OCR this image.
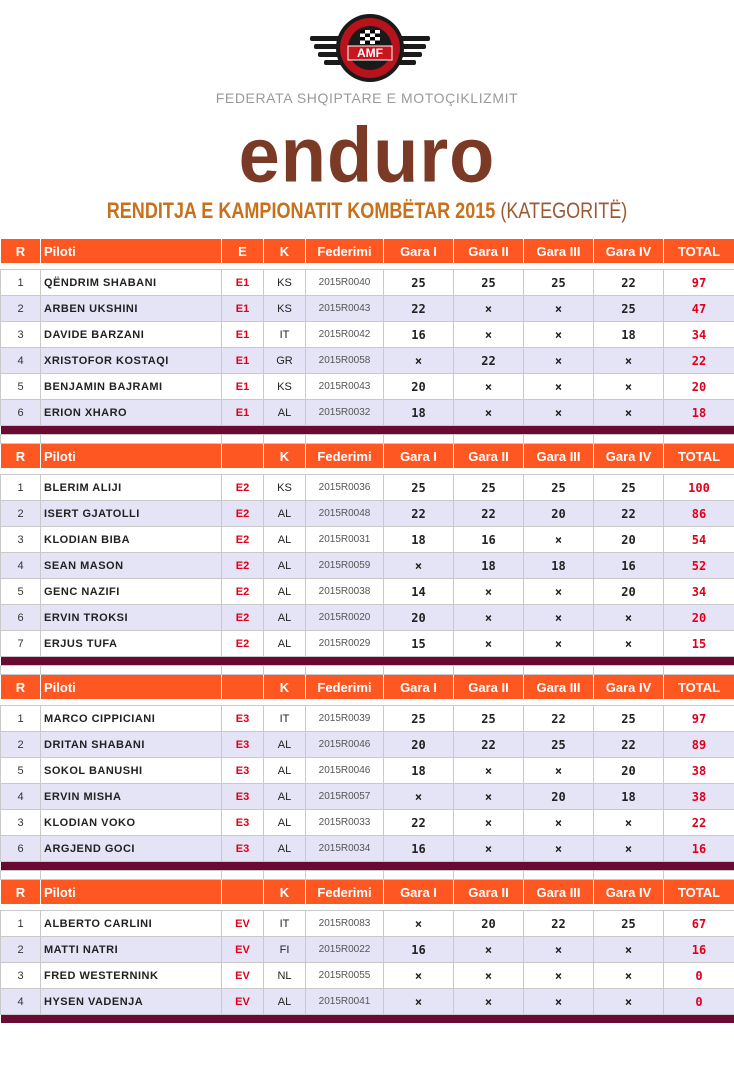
AMF
FEDERATA SHQIPTARE E MOTOÇIKLIZMIT
enduro
RENDITJA E KAMPIONATIT KOMBËTAR 2015 (KATEGORITË)
R	Piloti	E	K	Federimi	Gara I	Gara II	Gara III	Gara IV	TOTAL

1	QËNDRIM SHABANI	E1	KS	2015R0040	25	25	25	22	97
2	ARBEN UKSHINI	E1	KS	2015R0043	22	×	×	25	47
3	DAVIDE BARZANI	E1	IT	2015R0042	16	×	×	18	34
4	XRISTOFOR KOSTAQI	E1	GR	2015R0058	×	22	×	×	22
5	BENJAMIN BAJRAMI	E1	KS	2015R0043	20	×	×	×	20
6	ERION XHARO	E1	AL	2015R0032	18	×	×	×	18

R	Piloti		K	Federimi	Gara I	Gara II	Gara III	Gara IV	TOTAL

1	BLERIM ALIJI	E2	KS	2015R0036	25	25	25	25	100
2	ISERT GJATOLLI	E2	AL	2015R0048	22	22	20	22	86
3	KLODIAN BIBA	E2	AL	2015R0031	18	16	×	20	54
4	SEAN MASON	E2	AL	2015R0059	×	18	18	16	52
5	GENC NAZIFI	E2	AL	2015R0038	14	×	×	20	34
6	ERVIN TROKSI	E2	AL	2015R0020	20	×	×	×	20
7	ERJUS TUFA	E2	AL	2015R0029	15	×	×	×	15

R	Piloti		K	Federimi	Gara I	Gara II	Gara III	Gara IV	TOTAL

1	MARCO CIPPICIANI	E3	IT	2015R0039	25	25	22	25	97
2	DRITAN SHABANI	E3	AL	2015R0046	20	22	25	22	89
5	SOKOL BANUSHI	E3	AL	2015R0046	18	×	×	20	38
4	ERVIN MISHA	E3	AL	2015R0057	×	×	20	18	38
3	KLODIAN VOKO	E3	AL	2015R0033	22	×	×	×	22
6	ARGJEND GOCI	E3	AL	2015R0034	16	×	×	×	16

R	Piloti		K	Federimi	Gara I	Gara II	Gara III	Gara IV	TOTAL

1	ALBERTO CARLINI	EV	IT	2015R0083	×	20	22	25	67
2	MATTI NATRI	EV	FI	2015R0022	16	×	×	×	16
3	FRED WESTERNINK	EV	NL	2015R0055	×	×	×	×	0
4	HYSEN VADENJA	EV	AL	2015R0041	×	×	×	×	0
